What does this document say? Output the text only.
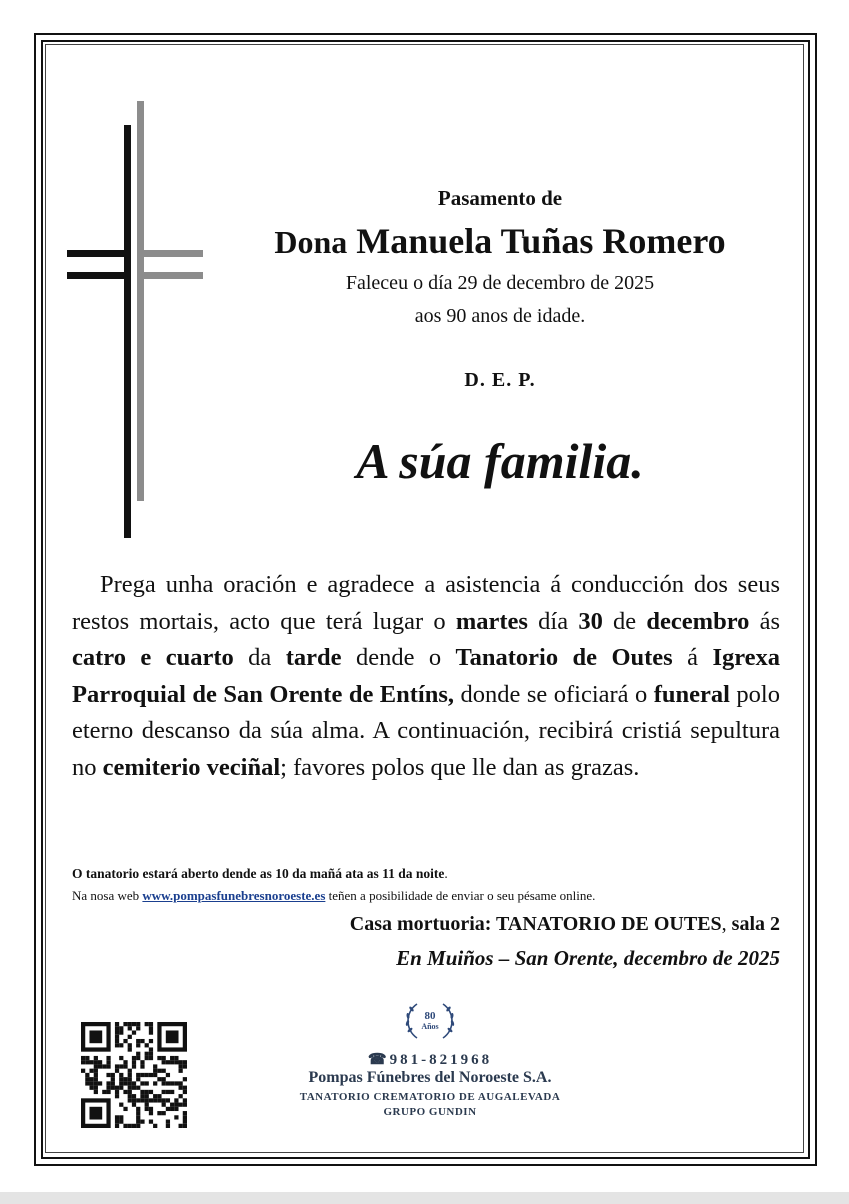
Pasamento de
Dona Manuela Tuñas Romero
Faleceu o día 29 de decembro de 2025
aos 90 anos de idade.
D. E. P.
A súa familia.
Prega unha oración e agradece a asistencia á conducción dos seus restos mortais, acto que terá lugar o martes día 30 de decembro ás catro e cuarto da tarde dende o Tanatorio de Outes á Igrexa Parroquial de San Orente de Entíns, donde se oficiará o funeral polo eterno descanso da súa alma. A continuación, recibirá cristiá sepultura no cemiterio veciñal; favores polos que lle dan as grazas.
O tanatorio estará aberto dende as 10 da mañá ata as 11 da noite.
Na nosa web www.pompasfunebresnoroeste.es teñen a posibilidade de enviar o seu pésame online.
Casa mortuoria: TANATORIO DE OUTES, sala 2
En Muiños – San Orente, decembro de 2025
80
Años
☎981-821968
Pompas Fúnebres del Noroeste S.A.
TANATORIO CREMATORIO DE AUGALEVADA
GRUPO GUNDIN
